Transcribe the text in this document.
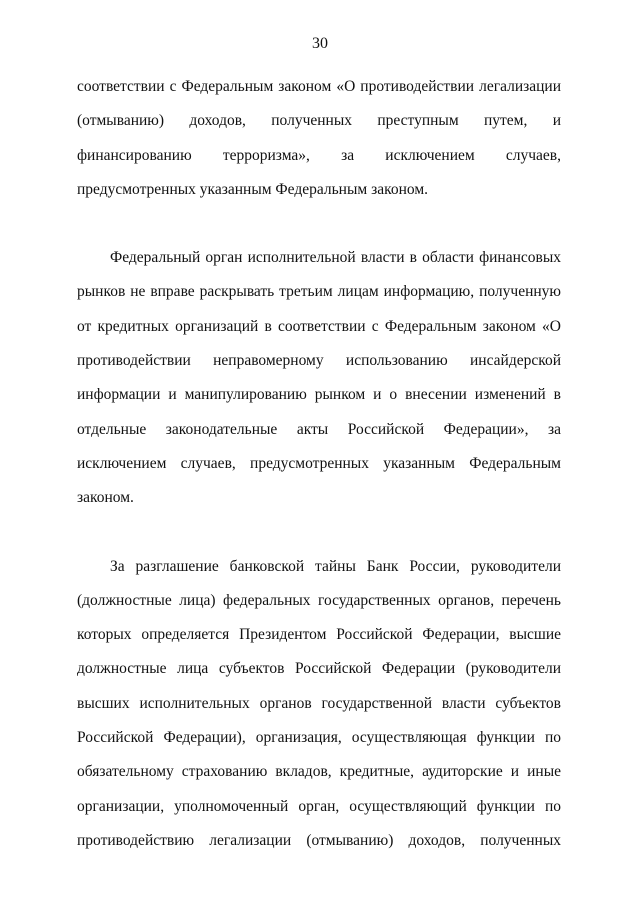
30

соответствии с Федеральным законом «О противодействии легализации (отмыванию) доходов, полученных преступным путем, и финансированию терроризма», за исключением случаев, предусмотренных указанным Федеральным законом.

Федеральный орган исполнительной власти в области финансовых рынков не вправе раскрывать третьим лицам информацию, полученную от кредитных организаций в соответствии с Федеральным законом «О противодействии неправомерному использованию инсайдерской информации и манипулированию рынком и о внесении изменений в отдельные законодательные акты Российской Федерации», за исключением случаев, предусмотренных указанным Федеральным законом.

За разглашение банковской тайны Банк России, руководители (должностные лица) федеральных государственных органов, перечень которых определяется Президентом Российской Федерации, высшие должностные лица субъектов Российской Федерации (руководители высших исполнительных органов государственной власти субъектов Российской Федерации), организация, осуществляющая функции по обязательному страхованию вкладов, кредитные, аудиторские и иные организации, уполномоченный орган, осуществляющий функции по противодействию легализации (отмыванию) доходов, полученных
